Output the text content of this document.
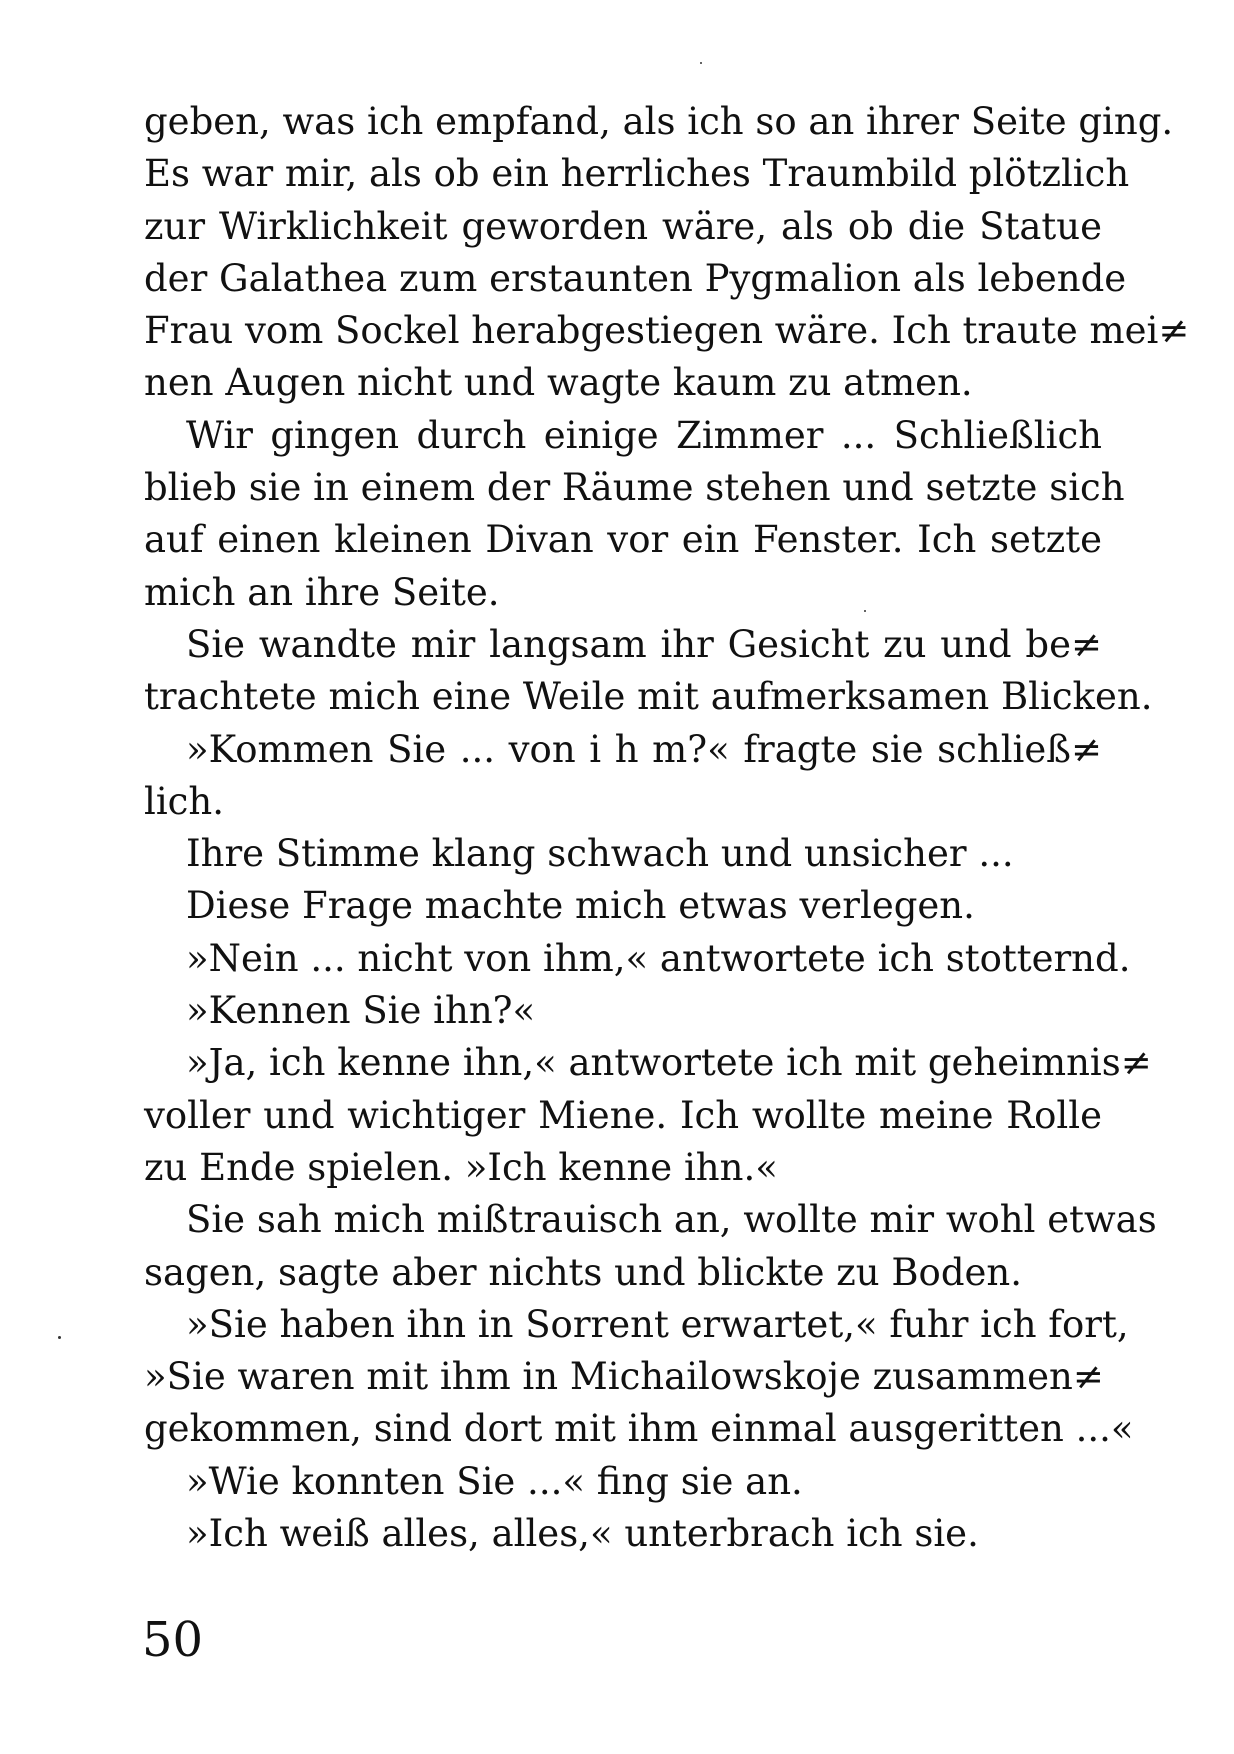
geben, was ich empfand, als ich so an ihrer Seite ging.
Es war mir, als ob ein herrliches Traumbild plötzlich
zur Wirklichkeit geworden wäre, als ob die Statue
der Galathea zum erstaunten Pygmalion als lebende
Frau vom Sockel herabgestiegen wäre. Ich traute mei≠
nen Augen nicht und wagte kaum zu atmen.
Wir gingen durch einige Zimmer ... Schließlich
blieb sie in einem der Räume stehen und setzte sich
auf einen kleinen Divan vor ein Fenster. Ich setzte
mich an ihre Seite.
Sie wandte mir langsam ihr Gesicht zu und be≠
trachtete mich eine Weile mit aufmerksamen Blicken.
»Kommen Sie ... von i h m?« fragte sie schließ≠
lich.
Ihre Stimme klang schwach und unsicher ...
Diese Frage machte mich etwas verlegen.
»Nein ... nicht von ihm,« antwortete ich stotternd.
»Kennen Sie ihn?«
»Ja, ich kenne ihn,« antwortete ich mit geheimnis≠
voller und wichtiger Miene. Ich wollte meine Rolle
zu Ende spielen. »Ich kenne ihn.«
Sie sah mich mißtrauisch an, wollte mir wohl etwas
sagen, sagte aber nichts und blickte zu Boden.
»Sie haben ihn in Sorrent erwartet,« fuhr ich fort,
»Sie waren mit ihm in Michailowskoje zusammen≠
gekommen, sind dort mit ihm einmal ausgeritten ...«
»Wie konnten Sie ...« fing sie an.
»Ich weiß alles, alles,« unterbrach ich sie.
50
